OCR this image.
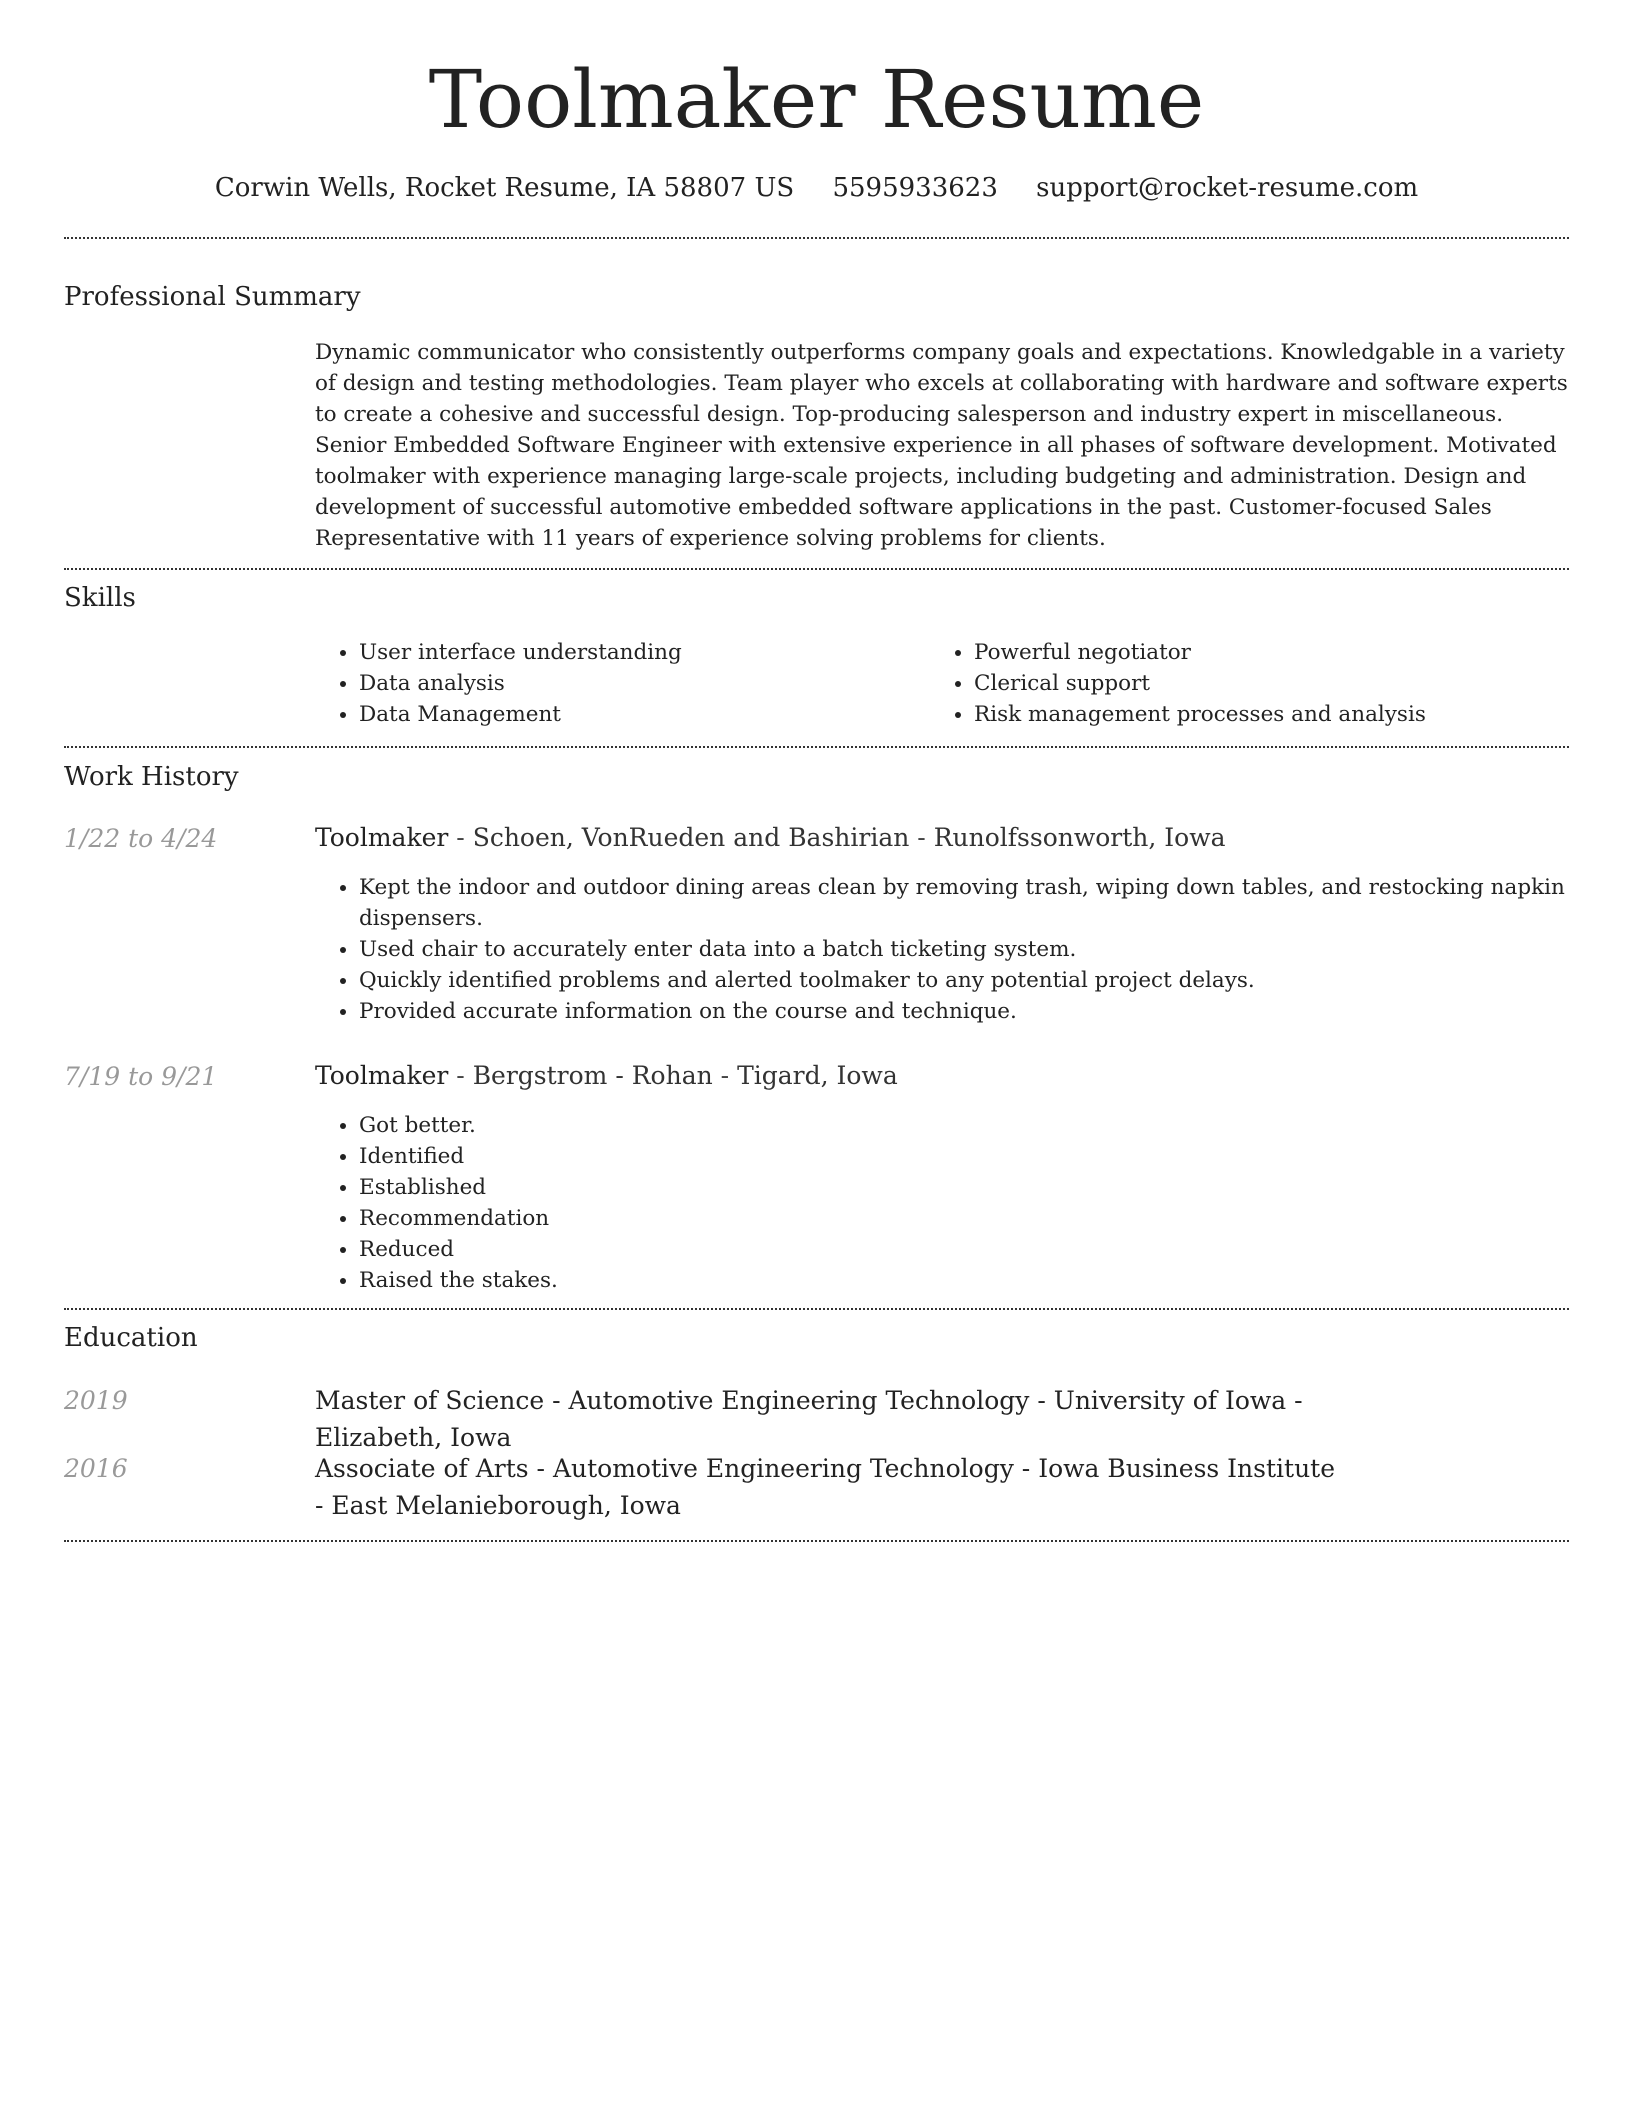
Toolmaker Resume
Corwin Wells, Rocket Resume, IA 58807 US 5595933623 support@rocket-resume.com
Professional Summary
Dynamic communicator who consistently outperforms company goals and expectations. Knowledgable in a variety of design and testing methodologies. Team player who excels at collaborating with hardware and software experts to create a cohesive and successful design. Top-producing salesperson and industry expert in miscellaneous. Senior Embedded Software Engineer with extensive experience in all phases of software development. Motivated toolmaker with experience managing large-scale projects, including budgeting and administration. Design and development of successful automotive embedded software applications in the past. Customer-focused Sales Representative with 11 years of experience solving problems for clients.
Skills
• User interface understanding
• Data analysis
• Data Management
• Powerful negotiator
• Clerical support
• Risk management processes and analysis
Work History
1/22 to 4/24	Toolmaker - Schoen, VonRueden and Bashirian - Runolfssonworth, Iowa
• Kept the indoor and outdoor dining areas clean by removing trash, wiping down tables, and restocking napkin dispensers.
• Used chair to accurately enter data into a batch ticketing system.
• Quickly identified problems and alerted toolmaker to any potential project delays.
• Provided accurate information on the course and technique.
7/19 to 9/21	Toolmaker - Bergstrom - Rohan - Tigard, Iowa
• Got better.
• Identified
• Established
• Recommendation
• Reduced
• Raised the stakes.
Education
2019	Master of Science - Automotive Engineering Technology - University of Iowa - Elizabeth, Iowa
2016	Associate of Arts - Automotive Engineering Technology - Iowa Business Institute - East Melanieborough, Iowa
